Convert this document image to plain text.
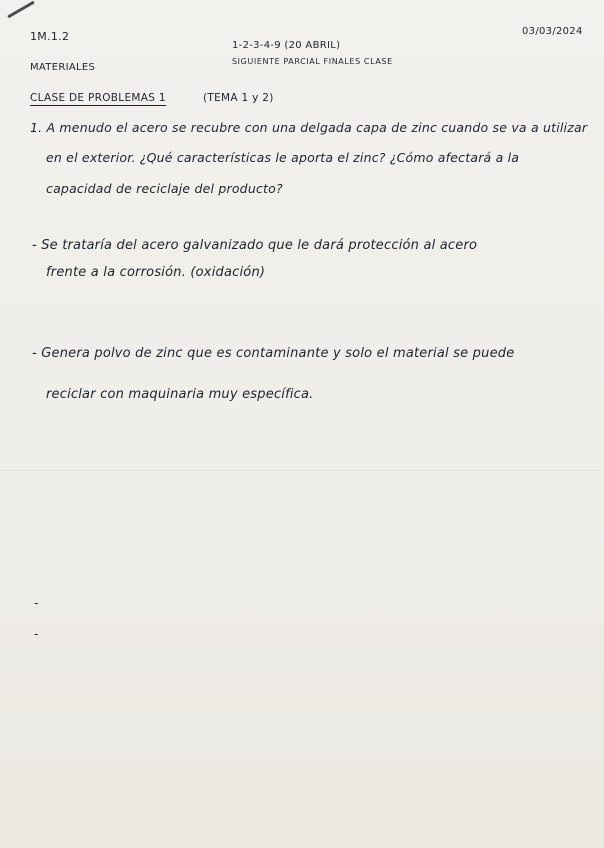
1M.1.2	03/03/2024
1-2-3-4-9 (20 ABRIL)
MATERIALES
SIGUIENTE PARCIAL FINALES CLASE
CLASE DE PROBLEMAS 1	(TEMA 1 y 2)
1. A menudo el acero se recubre con una delgada capa de zinc cuando se va a utilizar
en el exterior. ¿Qué características le aporta el zinc? ¿Cómo afectará a la
capacidad de reciclaje del producto?
- Se trataría del acero galvanizado que le dará protección al acero
frente a la corrosión. (oxidación)
- Genera polvo de zinc que es contaminante y solo el material se puede
reciclar con maquinaria muy específica.
-
-
